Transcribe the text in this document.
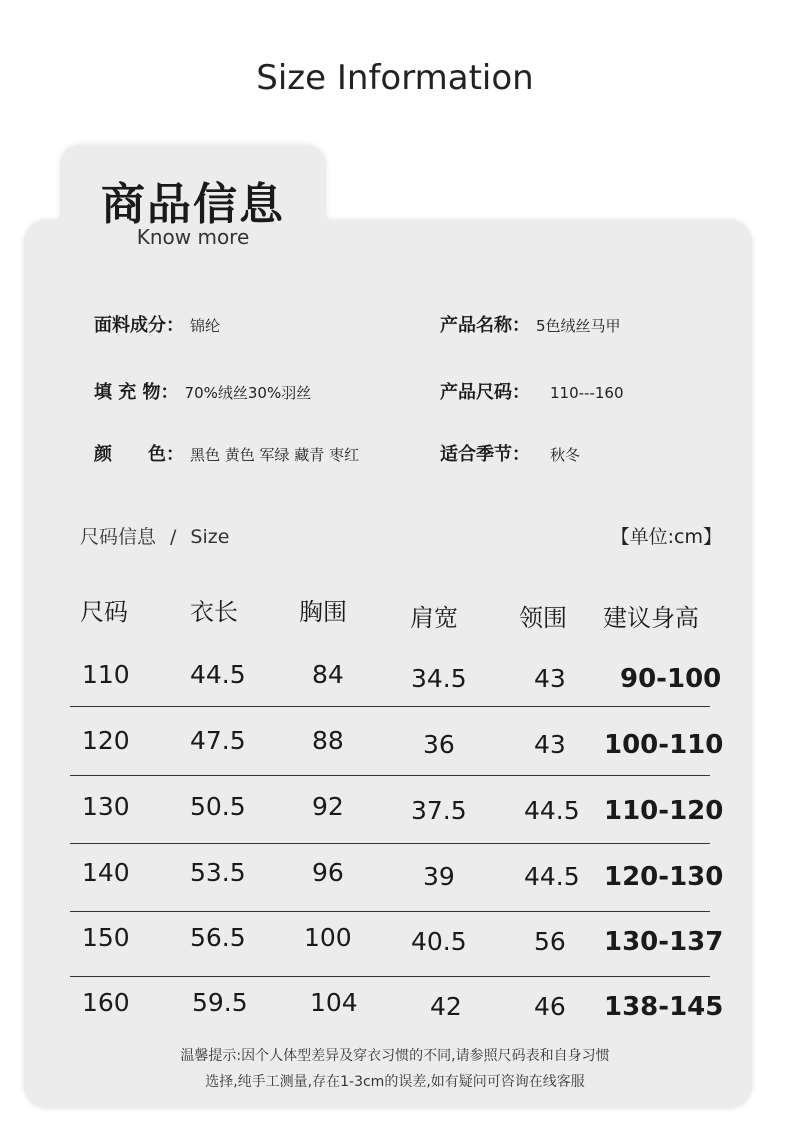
Size Information
商品信息
Know more
面料成分： 锦纶	产品名称： 5色绒丝马甲
填 充 物： 70%绒丝30%羽丝	产品尺码： 110---160
颜　　色： 黑色 黄色 军绿 藏青 枣红	适合季节： 秋冬
尺码信息 / Size	【单位:cm】
尺码	衣长	胸围	肩宽	领围 建议身高
110 44.5	84	34.5	43 90-100
120 47.5	88	36	43 100-110
130 50.5	92	37.5 44.5 110-120
140 53.5	96	39	44.5 120-130
150 56.5 100 40.5	56 130-137
160 59.5 104	42	46 138-145
温馨提示:因个人体型差异及穿衣习惯的不同,请参照尺码表和自身习惯
选择,纯手工测量,存在1-3cm的误差,如有疑问可咨询在线客服
